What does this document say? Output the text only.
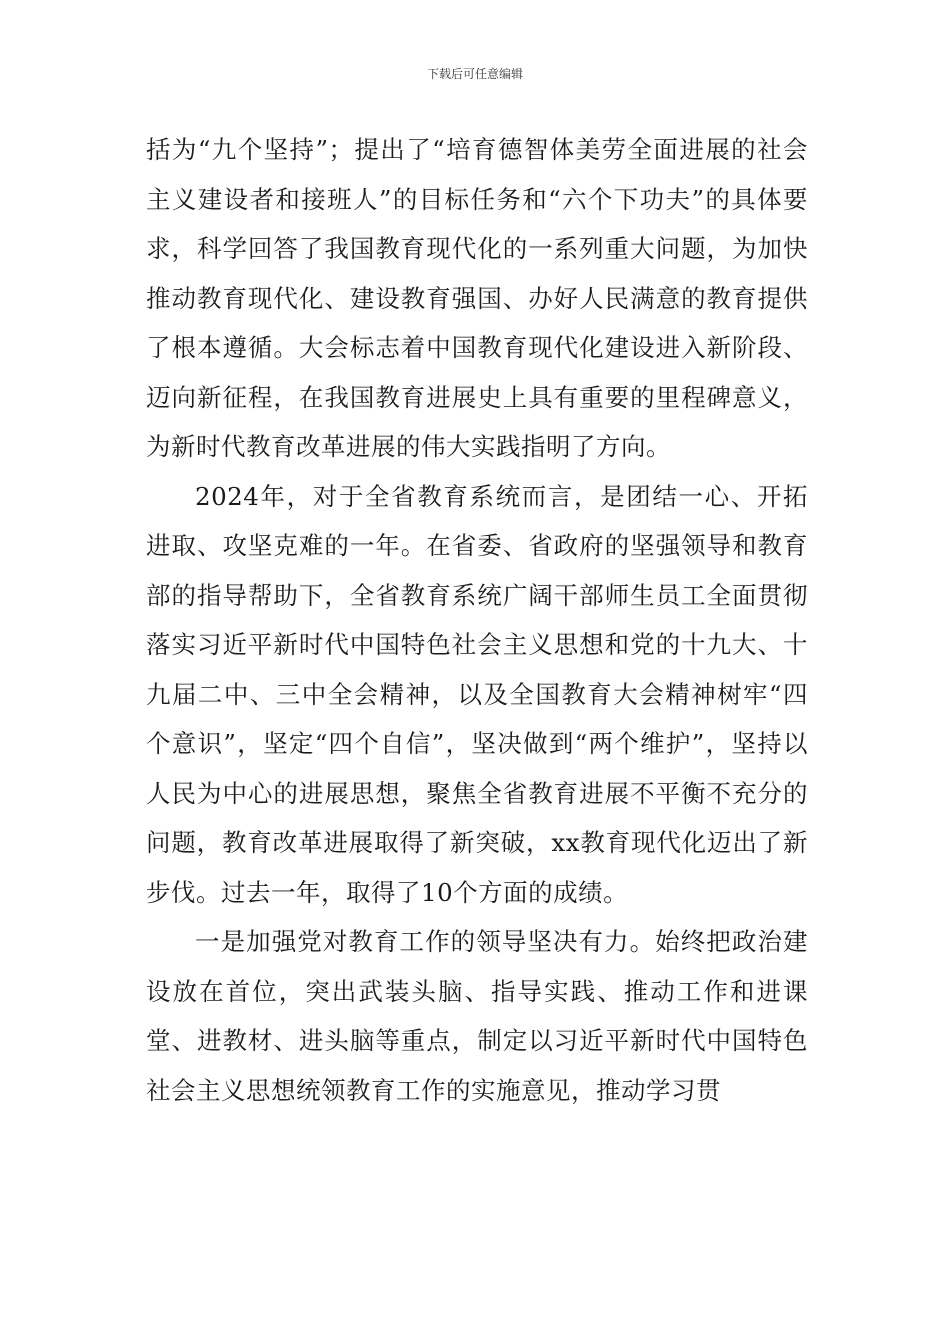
下载后可任意编辑

括为“九个坚持”；提出了“培育德智体美劳全面进展的社会主义建设者和接班人”的目标任务和“六个下功夫”的具体要求，科学回答了我国教育现代化的一系列重大问题，为加快推动教育现代化、建设教育强国、办好人民满意的教育提供了根本遵循。大会标志着中国教育现代化建设进入新阶段、迈向新征程，在我国教育进展史上具有重要的里程碑意义，为新时代教育改革进展的伟大实践指明了方向。

2024年，对于全省教育系统而言，是团结一心、开拓进取、攻坚克难的一年。在省委、省政府的坚强领导和教育部的指导帮助下，全省教育系统广阔干部师生员工全面贯彻落实习近平新时代中国特色社会主义思想和党的十九大、十九届二中、三中全会精神，以及全国教育大会精神树牢“四个意识”，坚定“四个自信”，坚决做到“两个维护”，坚持以人民为中心的进展思想，聚焦全省教育进展不平衡不充分的问题，教育改革进展取得了新突破，xx教育现代化迈出了新步伐。过去一年，取得了10个方面的成绩。

一是加强党对教育工作的领导坚决有力。始终把政治建设放在首位，突出武装头脑、指导实践、推动工作和进课堂、进教材、进头脑等重点，制定以习近平新时代中国特色社会主义思想统领教育工作的实施意见，推动学习贯
